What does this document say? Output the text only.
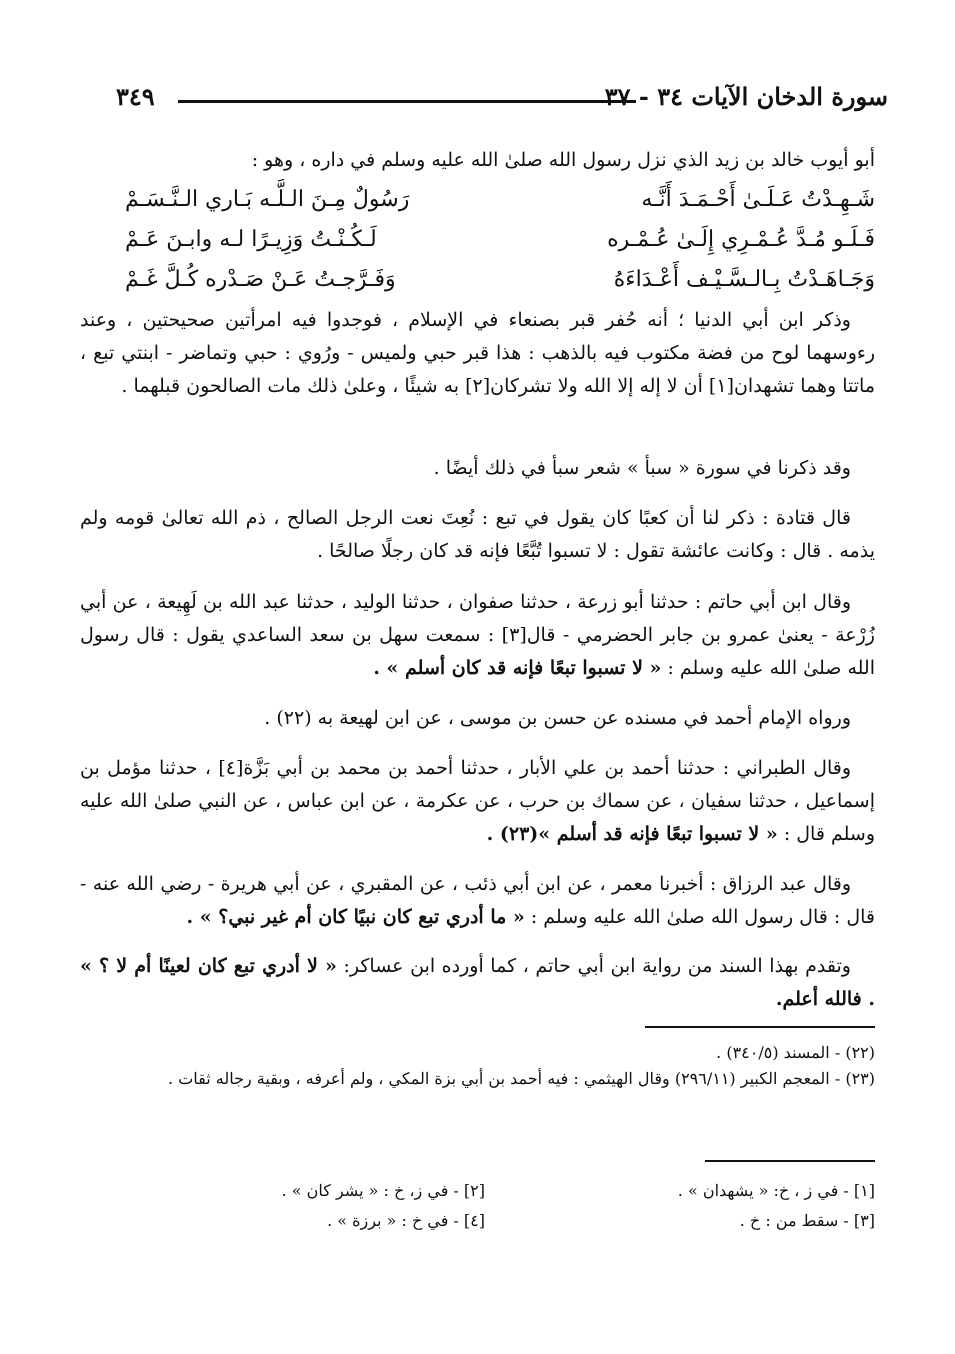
سورة الدخان الآيات ٣٤ - ٣٧
٣٤٩

أبو أيوب خالد بن زيد الذي نزل رسول الله صلىٰ الله عليه وسلم في داره ، وهو :

شَـهِـدْتُ عَـلَـىٰ أَحْـمَـدَ أَنَّـه
رَسُولٌ مِـنَ الـلَّـه بَـاري الـنَّـسَـمْ
فَـلَـو مُـدَّ عُـمْـرِي إِلَـىٰ عُـمْـره
لَـكُـنْـتُ وَزِيـرًا لـه وابـنَ عَـمْ
وَجَـاهَـدْتُ بِـالـسَّـيْـف أَعْـدَاءَهُ
وَفَـرَّجـتُ عَـنْ صَـدْره كُـلَّ غَـمْ

وذكر ابن أبي الدنيا ؛ أنه حُفر قبر بصنعاء في الإسلام ، فوجدوا فيه امرأتين صحيحتين ، وعند رءوسهما لوح من فضة مكتوب فيه بالذهب : هذا قبر حبي ولميس - ورُوي : حبي وتماضر - ابنتي تبع ، ماتتا وهما تشهدان[١] أن لا إله إلا الله ولا تشركان[٢] به شيئًا ، وعلىٰ ذلك مات الصالحون قبلهما .

وقد ذكرنا في سورة « سبأ » شعر سبأ في ذلك أيضًا .

قال قتادة : ذكر لنا أن كعبًا كان يقول في تبع : نُعِتَ نعت الرجل الصالح ، ذم الله تعالىٰ قومه ولم يذمه . قال : وكانت عائشة تقول : لا تسبوا تُبَّعًا فإنه قد كان رجلًا صالحًا .

وقال ابن أبي حاتم : حدثنا أبو زرعة ، حدثنا صفوان ، حدثنا الوليد ، حدثنا عبد الله بن لَهِيعة ، عن أبي زُرْعة - يعنىٰ عمرو بن جابر الحضرمي - قال[٣] : سمعت سهل بن سعد الساعدي يقول : قال رسول الله صلىٰ الله عليه وسلم : « لا تسبوا تبعًا فإنه قد كان أسلم » .

ورواه الإمام أحمد في مسنده عن حسن بن موسى ، عن ابن لهيعة به (٢٢) .

وقال الطبراني : حدثنا أحمد بن علي الأبار ، حدثنا أحمد بن محمد بن أبي بَزَّة[٤] ، حدثنا مؤمل بن إسماعيل ، حدثنا سفيان ، عن سماك بن حرب ، عن عكرمة ، عن ابن عباس ، عن النبي صلىٰ الله عليه وسلم قال : « لا تسبوا تبعًا فإنه قد أسلم »(٢٣) .

وقال عبد الرزاق : أخبرنا معمر ، عن ابن أبي ذئب ، عن المقبري ، عن أبي هريرة - رضي الله عنه - قال : قال رسول الله صلىٰ الله عليه وسلم : « ما أدري تبع كان نبيًا كان أم غير نبي؟ » .

وتقدم بهذا السند من رواية ابن أبي حاتم ، كما أورده ابن عساكر: « لا أدري تبع كان لعينًا أم لا ؟ » . فالله أعلم.

(٢٢) - المسند (٣٤٠/٥) .

(٢٣) - المعجم الكبير (٢٩٦/١١) وقال الهيثمي : فيه أحمد بن أبي بزة المكي ، ولم أعرفه ، وبقية رجاله ثقات .

[١] - في ز ، خ: « يشهدان » .
[٢] - في ز، خ : « يشر كان » .
[٣] - سقط من : خ .
[٤] - في خ : « برزة » .
